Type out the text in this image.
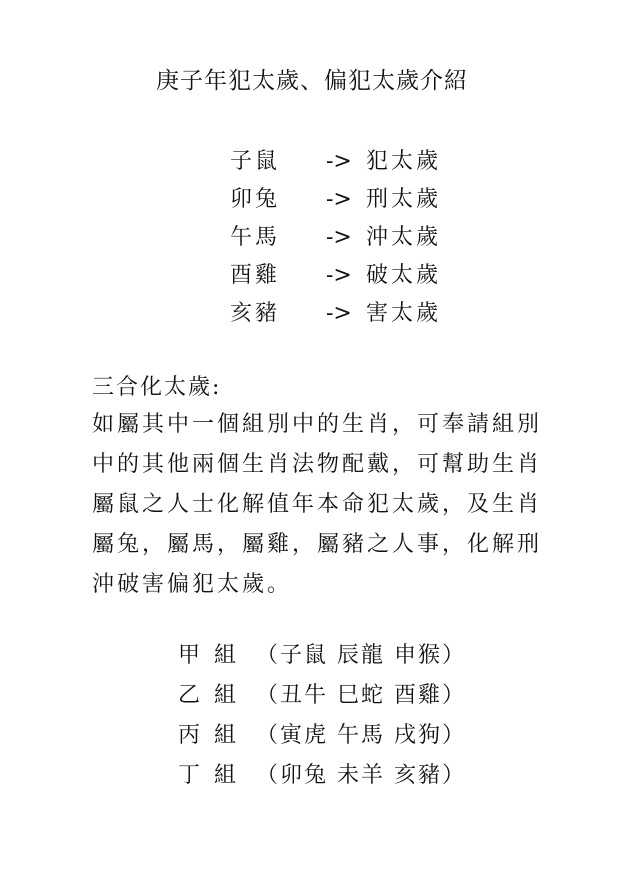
庚子年犯太歲、偏犯太歲介紹
子鼠 -> 犯太歲
卯兔 -> 刑太歲
午馬 -> 沖太歲
酉雞 -> 破太歲
亥豬 -> 害太歲
三合化太歲:

如屬其中一個組別中的生肖，可奉請組別
中的其他兩個生肖法物配戴，可幫助生肖
屬鼠之人士化解值年本命犯太歲，及生肖
屬兔，屬馬，屬雞，屬豬之人事，化解刑
沖破害偏犯太歲。

甲組 （子鼠 辰龍 申猴）
乙組 （丑牛 巳蛇 酉雞）
丙組 （寅虎 午馬 戌狗）
丁組 （卯兔 未羊 亥豬）
